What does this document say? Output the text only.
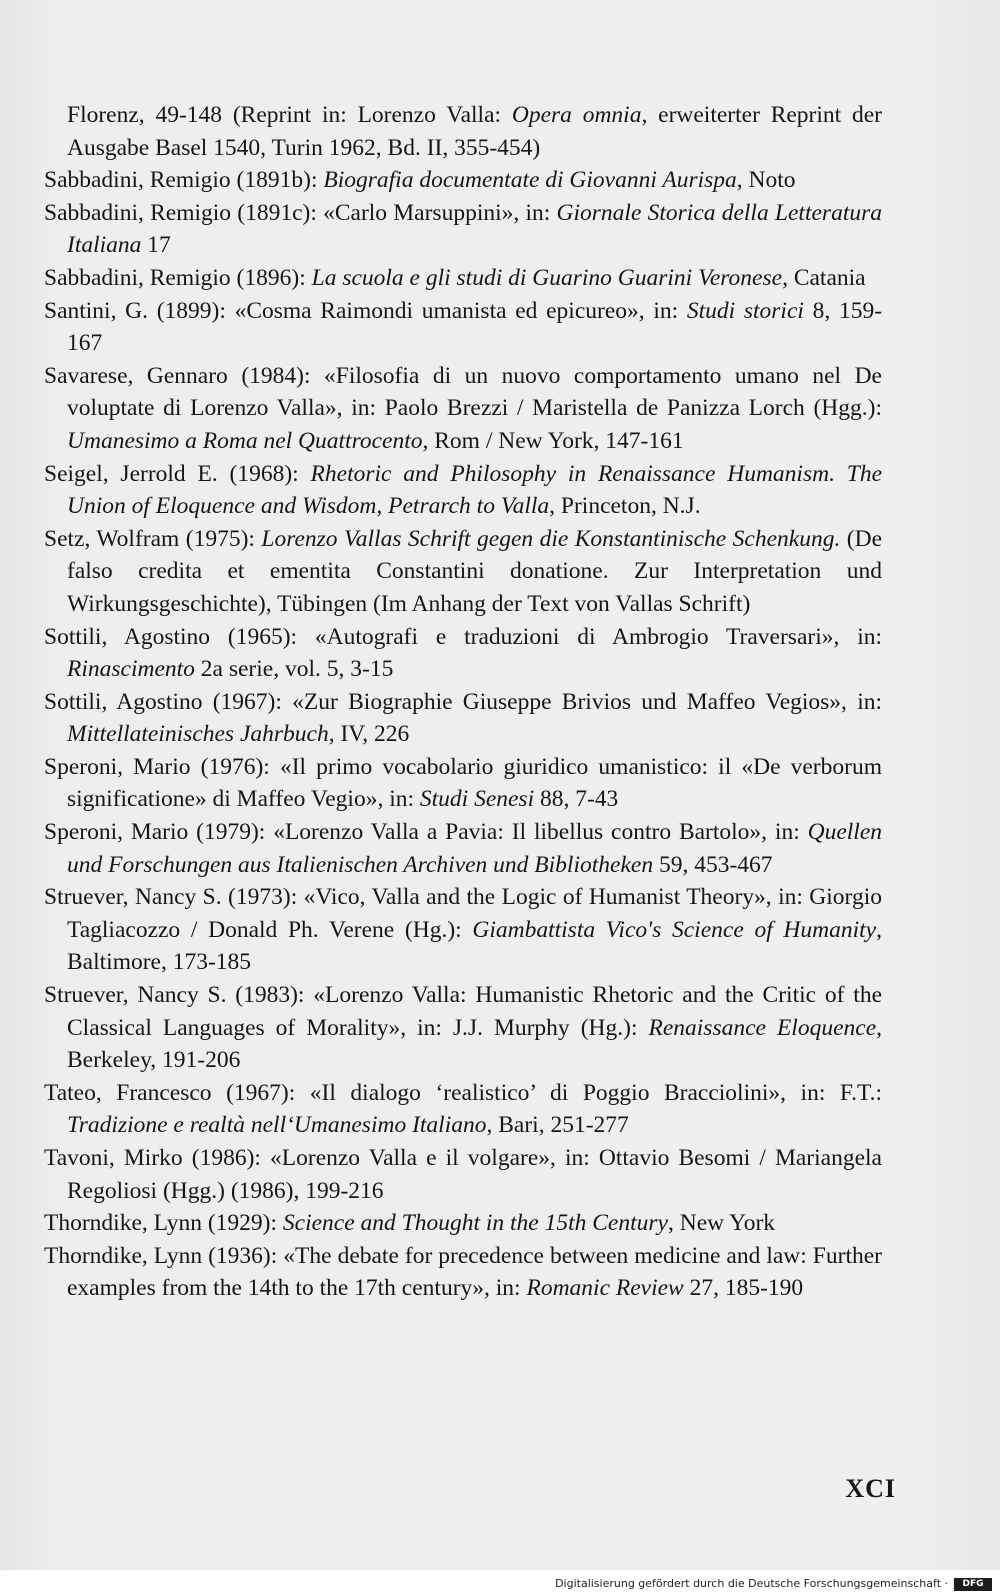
Florenz, 49-148 (Reprint in: Lorenzo Valla: Opera omnia, erweiterter Reprint der Ausgabe Basel 1540, Turin 1962, Bd. II, 355-454)
Sabbadini, Remigio (1891b): Biografia documentate di Giovanni Aurispa, Noto
Sabbadini, Remigio (1891c): «Carlo Marsuppini», in: Giornale Storica della Letteratura Italiana 17
Sabbadini, Remigio (1896): La scuola e gli studi di Guarino Guarini Veronese, Catania
Santini, G. (1899): «Cosma Raimondi umanista ed epicureo», in: Studi storici 8, 159-167
Savarese, Gennaro (1984): «Filosofia di un nuovo comportamento umano nel De voluptate di Lorenzo Valla», in: Paolo Brezzi / Maristella de Panizza Lorch (Hgg.): Umanesimo a Roma nel Quattrocento, Rom / New York, 147-161
Seigel, Jerrold E. (1968): Rhetoric and Philosophy in Renaissance Humanism. The Union of Eloquence and Wisdom, Petrarch to Valla, Princeton, N.J.
Setz, Wolfram (1975): Lorenzo Vallas Schrift gegen die Konstantinische Schenkung. (De falso credita et ementita Constantini donatione. Zur Interpretation und Wirkungsgeschichte), Tübingen (Im Anhang der Text von Vallas Schrift)
Sottili, Agostino (1965): «Autografi e traduzioni di Ambrogio Traversari», in: Rinascimento 2a serie, vol. 5, 3-15
Sottili, Agostino (1967): «Zur Biographie Giuseppe Brivios und Maffeo Vegios», in: Mittellateinisches Jahrbuch, IV, 226
Speroni, Mario (1976): «Il primo vocabolario giuridico umanistico: il «De verborum significatione» di Maffeo Vegio», in: Studi Senesi 88, 7-43
Speroni, Mario (1979): «Lorenzo Valla a Pavia: Il libellus contro Bartolo», in: Quellen und Forschungen aus Italienischen Archiven und Bibliotheken 59, 453-467
Struever, Nancy S. (1973): «Vico, Valla and the Logic of Humanist Theory», in: Giorgio Tagliacozzo / Donald Ph. Verene (Hg.): Giambattista Vico's Science of Humanity, Baltimore, 173-185
Struever, Nancy S. (1983): «Lorenzo Valla: Humanistic Rhetoric and the Critic of the Classical Languages of Morality», in: J.J. Murphy (Hg.): Renaissance Eloquence, Berkeley, 191-206
Tateo, Francesco (1967): «Il dialogo ‘realistico’ di Poggio Bracciolini», in: F.T.: Tradizione e realtà nell‘Umanesimo Italiano, Bari, 251-277
Tavoni, Mirko (1986): «Lorenzo Valla e il volgare», in: Ottavio Besomi / Mariangela Regoliosi (Hgg.) (1986), 199-216
Thorndike, Lynn (1929): Science and Thought in the 15th Century, New York
Thorndike, Lynn (1936): «The debate for precedence between medicine and law: Further examples from the 14th to the 17th century», in: Romanic Review 27, 185-190
XCI
Digitalisierung gefördert durch die Deutsche Forschungsgemeinschaft ·	DFG
